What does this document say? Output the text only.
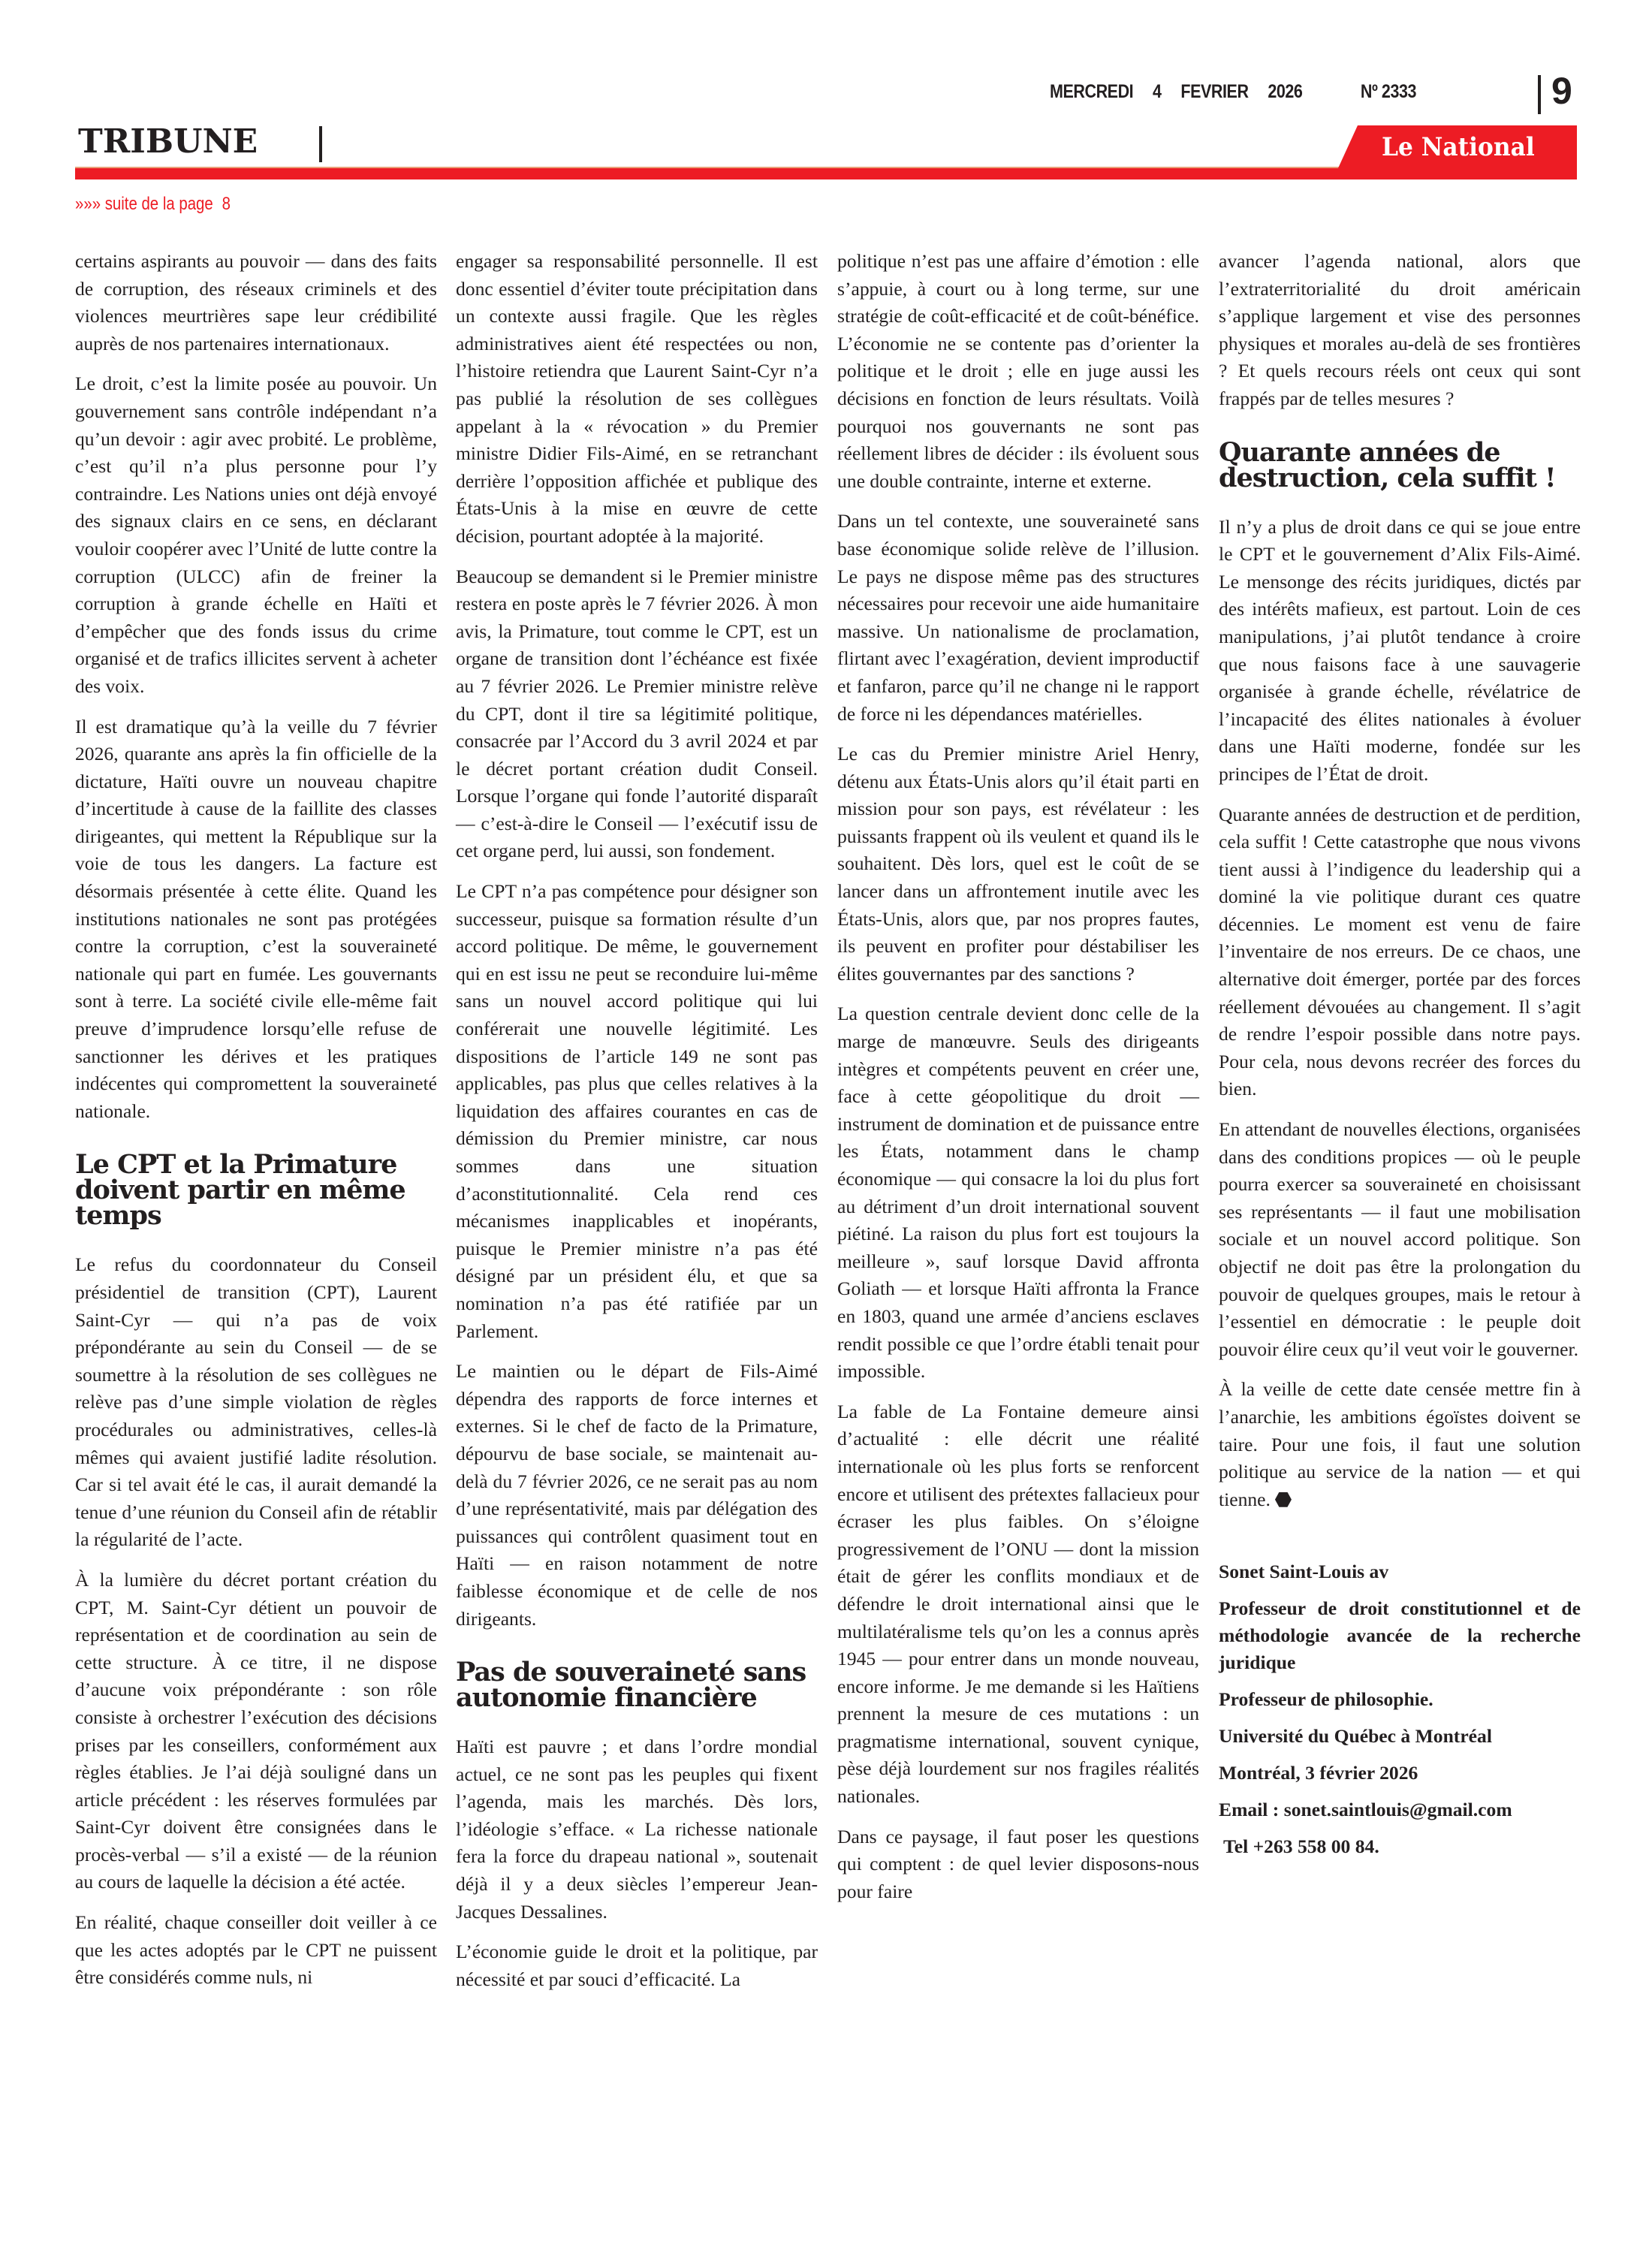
MERCREDI 4 FEVRIER 2026	Nº 2333	9
TRIBUNE	Le National
»»» suite de la page 8

certains aspirants au pouvoir — dans des faits de corruption, des réseaux criminels et des violences meurtrières sape leur crédibilité auprès de nos partenaires internationaux.

Le droit, c’est la limite posée au pouvoir. Un gouvernement sans contrôle indépendant n’a qu’un devoir : agir avec probité. Le problème, c’est qu’il n’a plus personne pour l’y contraindre. Les Nations unies ont déjà envoyé des signaux clairs en ce sens, en déclarant vouloir coopérer avec l’Unité de lutte contre la corruption (ULCC) afin de freiner la corruption à grande échelle en Haïti et d’empêcher que des fonds issus du crime organisé et de trafics illicites servent à acheter des voix.

Il est dramatique qu’à la veille du 7 février 2026, quarante ans après la fin officielle de la dictature, Haïti ouvre un nouveau chapitre d’incertitude à cause de la faillite des classes dirigeantes, qui mettent la République sur la voie de tous les dangers. La facture est désormais présentée à cette élite. Quand les institutions nationales ne sont pas protégées contre la corruption, c’est la souveraineté nationale qui part en fumée. Les gouvernants sont à terre. La société civile elle-même fait preuve d’imprudence lorsqu’elle refuse de sanctionner les dérives et les pratiques indécentes qui compromettent la souveraineté nationale.

Le CPT et la Primature doivent partir en même temps

Le refus du coordonnateur du Conseil présidentiel de transition (CPT), Laurent Saint-Cyr — qui n’a pas de voix prépondérante au sein du Conseil — de se soumettre à la résolution de ses collègues ne relève pas d’une simple violation de règles procédurales ou administratives, celles-là mêmes qui avaient justifié ladite résolution. Car si tel avait été le cas, il aurait demandé la tenue d’une réunion du Conseil afin de rétablir la régularité de l’acte.

À la lumière du décret portant création du CPT, M. Saint-Cyr détient un pouvoir de représentation et de coordination au sein de cette structure. À ce titre, il ne dispose d’aucune voix prépondérante : son rôle consiste à orchestrer l’exécution des décisions prises par les conseillers, conformément aux règles établies. Je l’ai déjà souligné dans un article précédent : les réserves formulées par Saint-Cyr doivent être consignées dans le procès-verbal — s’il a existé — de la réunion au cours de laquelle la décision a été actée.

En réalité, chaque conseiller doit veiller à ce que les actes adoptés par le CPT ne puissent être considérés comme nuls, ni

engager sa responsabilité personnelle. Il est donc essentiel d’éviter toute précipitation dans un contexte aussi fragile. Que les règles administratives aient été respectées ou non, l’histoire retiendra que Laurent Saint-Cyr n’a pas publié la résolution de ses collègues appelant à la « révocation » du Premier ministre Didier Fils-Aimé, en se retranchant derrière l’opposition affichée et publique des États-Unis à la mise en œuvre de cette décision, pourtant adoptée à la majorité.

Beaucoup se demandent si le Premier ministre restera en poste après le 7 février 2026. À mon avis, la Primature, tout comme le CPT, est un organe de transition dont l’échéance est fixée au 7 février 2026. Le Premier ministre relève du CPT, dont il tire sa légitimité politique, consacrée par l’Accord du 3 avril 2024 et par le décret portant création dudit Conseil. Lorsque l’organe qui fonde l’autorité disparaît — c’est-à-dire le Conseil — l’exécutif issu de cet organe perd, lui aussi, son fondement.

Le CPT n’a pas compétence pour désigner son successeur, puisque sa formation résulte d’un accord politique. De même, le gouvernement qui en est issu ne peut se reconduire lui-même sans un nouvel accord politique qui lui conférerait une nouvelle légitimité. Les dispositions de l’article 149 ne sont pas applicables, pas plus que celles relatives à la liquidation des affaires courantes en cas de démission du Premier ministre, car nous sommes dans une situation d’aconstitutionnalité. Cela rend ces mécanismes inapplicables et inopérants, puisque le Premier ministre n’a pas été désigné par un président élu, et que sa nomination n’a pas été ratifiée par un Parlement.

Le maintien ou le départ de Fils-Aimé dépendra des rapports de force internes et externes. Si le chef de facto de la Primature, dépourvu de base sociale, se maintenait au-delà du 7 février 2026, ce ne serait pas au nom d’une représentativité, mais par délégation des puissances qui contrôlent quasiment tout en Haïti — en raison notamment de notre faiblesse économique et de celle de nos dirigeants.

Pas de souveraineté sans autonomie financière

Haïti est pauvre ; et dans l’ordre mondial actuel, ce ne sont pas les peuples qui fixent l’agenda, mais les marchés. Dès lors, l’idéologie s’efface. « La richesse nationale fera la force du drapeau national », soutenait déjà il y a deux siècles l’empereur Jean-Jacques Dessalines.

L’économie guide le droit et la politique, par nécessité et par souci d’efficacité. La

politique n’est pas une affaire d’émotion : elle s’appuie, à court ou à long terme, sur une stratégie de coût-efficacité et de coût-bénéfice. L’économie ne se contente pas d’orienter la politique et le droit ; elle en juge aussi les décisions en fonction de leurs résultats. Voilà pourquoi nos gouvernants ne sont pas réellement libres de décider : ils évoluent sous une double contrainte, interne et externe.

Dans un tel contexte, une souveraineté sans base économique solide relève de l’illusion. Le pays ne dispose même pas des structures nécessaires pour recevoir une aide humanitaire massive. Un nationalisme de proclamation, flirtant avec l’exagération, devient improductif et fanfaron, parce qu’il ne change ni le rapport de force ni les dépendances matérielles.

Le cas du Premier ministre Ariel Henry, détenu aux États-Unis alors qu’il était parti en mission pour son pays, est révélateur : les puissants frappent où ils veulent et quand ils le souhaitent. Dès lors, quel est le coût de se lancer dans un affrontement inutile avec les États-Unis, alors que, par nos propres fautes, ils peuvent en profiter pour déstabiliser les élites gouvernantes par des sanctions ?

La question centrale devient donc celle de la marge de manœuvre. Seuls des dirigeants intègres et compétents peuvent en créer une, face à cette géopolitique du droit — instrument de domination et de puissance entre les États, notamment dans le champ économique — qui consacre la loi du plus fort au détriment d’un droit international souvent piétiné. La raison du plus fort est toujours la meilleure », sauf lorsque David affronta Goliath — et lorsque Haïti affronta la France en 1803, quand une armée d’anciens esclaves rendit possible ce que l’ordre établi tenait pour impossible.

La fable de La Fontaine demeure ainsi d’actualité : elle décrit une réalité internationale où les plus forts se renforcent encore et utilisent des prétextes fallacieux pour écraser les plus faibles. On s’éloigne progressivement de l’ONU — dont la mission était de gérer les conflits mondiaux et de défendre le droit international ainsi que le multilatéralisme tels qu’on les a connus après 1945 — pour entrer dans un monde nouveau, encore informe. Je me demande si les Haïtiens prennent la mesure de ces mutations : un pragmatisme international, souvent cynique, pèse déjà lourdement sur nos fragiles réalités nationales.

Dans ce paysage, il faut poser les questions qui comptent : de quel levier disposons-nous pour faire

avancer l’agenda national, alors que l’extraterritorialité du droit américain s’applique largement et vise des personnes physiques et morales au-delà de ses frontières ? Et quels recours réels ont ceux qui sont frappés par de telles mesures ?

Quarante années de destruction, cela suffit !

Il n’y a plus de droit dans ce qui se joue entre le CPT et le gouvernement d’Alix Fils-Aimé. Le mensonge des récits juridiques, dictés par des intérêts mafieux, est partout. Loin de ces manipulations, j’ai plutôt tendance à croire que nous faisons face à une sauvagerie organisée à grande échelle, révélatrice de l’incapacité des élites nationales à évoluer dans une Haïti moderne, fondée sur les principes de l’État de droit.

Quarante années de destruction et de perdition, cela suffit ! Cette catastrophe que nous vivons tient aussi à l’indigence du leadership qui a dominé la vie politique durant ces quatre décennies. Le moment est venu de faire l’inventaire de nos erreurs. De ce chaos, une alternative doit émerger, portée par des forces réellement dévouées au changement. Il s’agit de rendre l’espoir possible dans notre pays. Pour cela, nous devons recréer des forces du bien.

En attendant de nouvelles élections, organisées dans des conditions propices — où le peuple pourra exercer sa souveraineté en choisissant ses représentants — il faut une mobilisation sociale et un nouvel accord politique. Son objectif ne doit pas être la prolongation du pouvoir de quelques groupes, mais le retour à l’essentiel en démocratie : le peuple doit pouvoir élire ceux qu’il veut voir le gouverner.

À la veille de cette date censée mettre fin à l’anarchie, les ambitions égoïstes doivent se taire. Pour une fois, il faut une solution politique au service de la nation — et qui tienne.

Sonet Saint-Louis av

Professeur de droit constitutionnel et de méthodologie avancée de la recherche juridique

Professeur de philosophie.

Université du Québec à Montréal

Montréal, 3 février 2026

Email : sonet.saintlouis@gmail.com

Tel +263 558 00 84.
